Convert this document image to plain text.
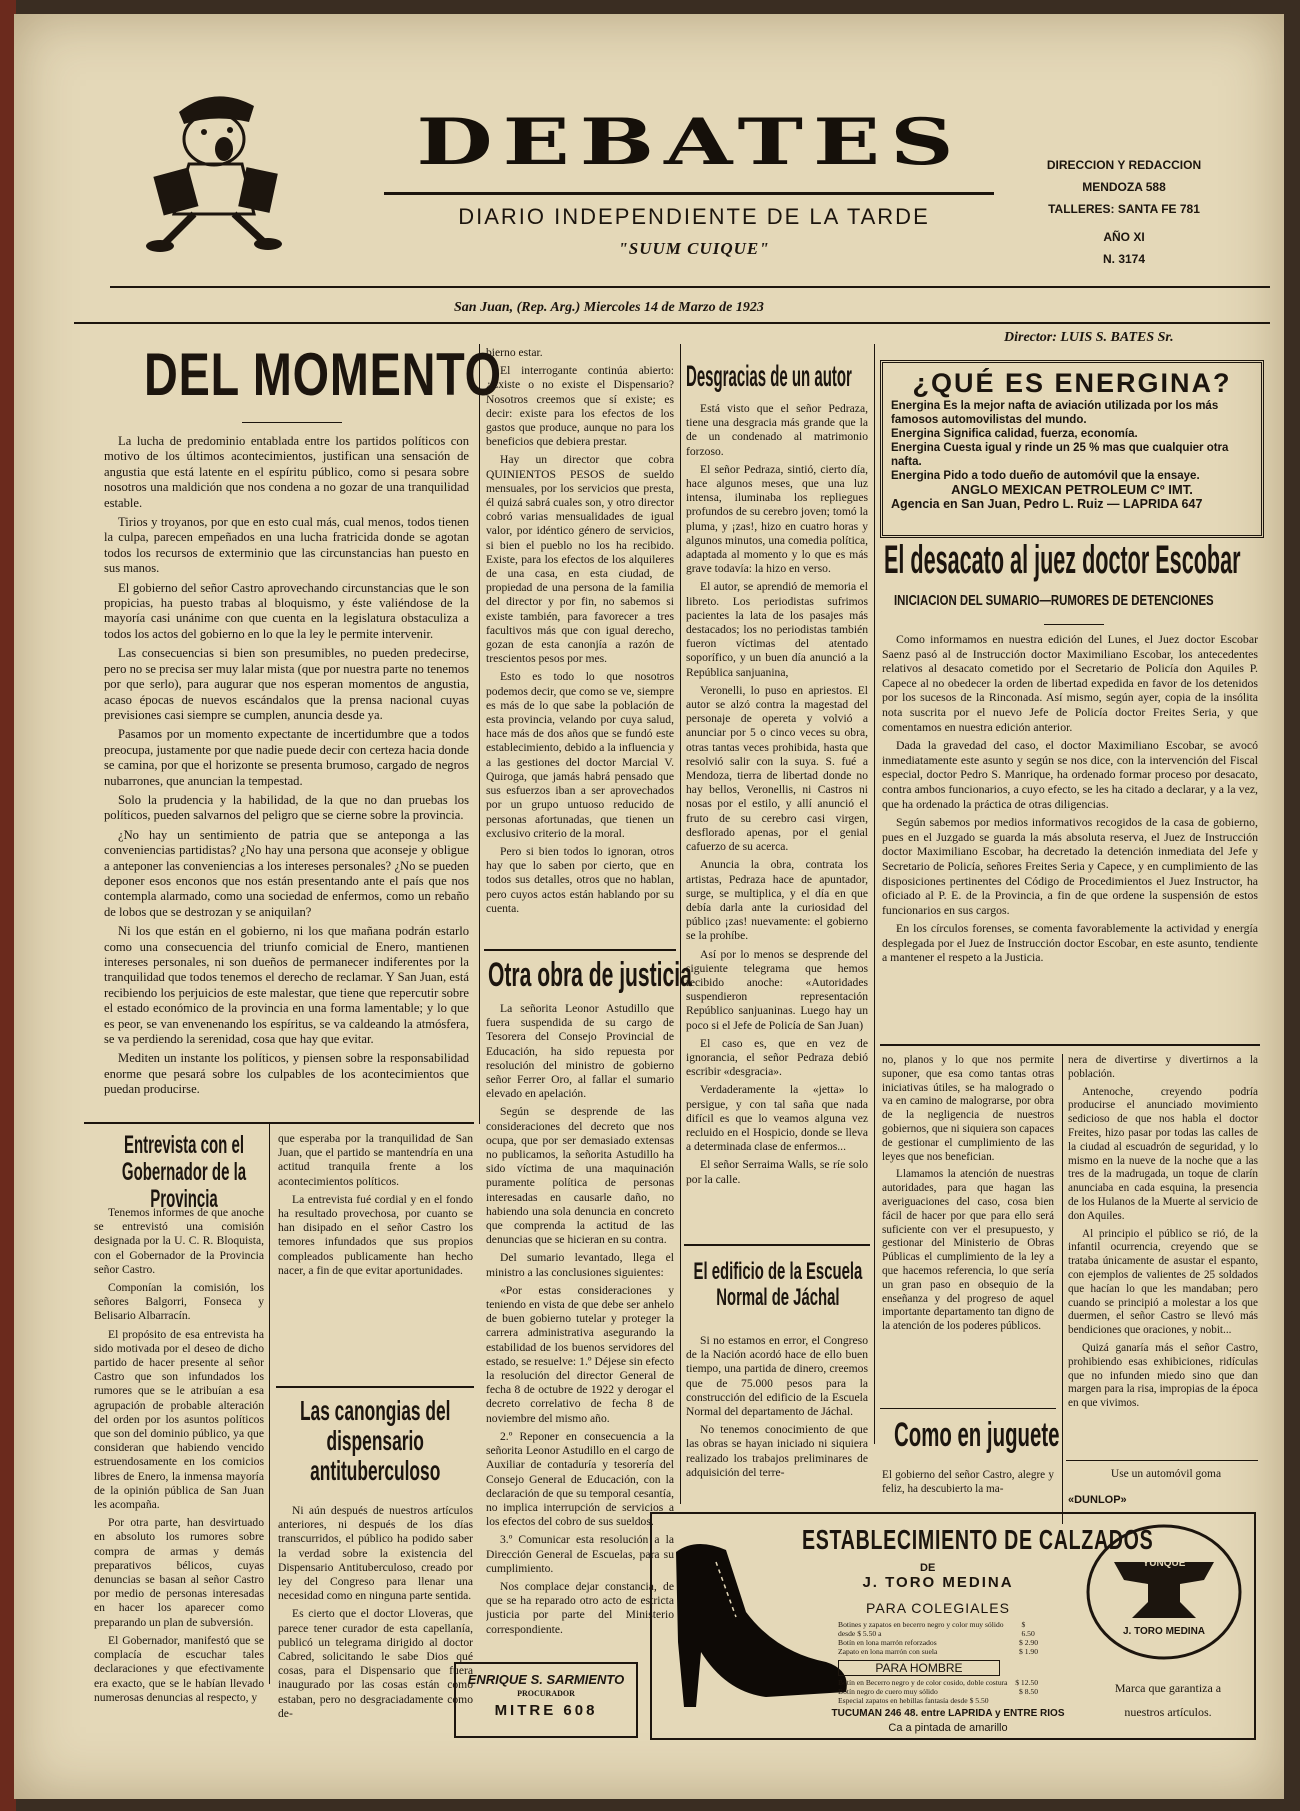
DEBATES
DIARIO INDEPENDIENTE DE LA TARDE
"SUUM CUIQUE"
DIRECCION Y REDACCION
MENDOZA 588
TALLERES: SANTA FE 781
AÑO XI
N. 3174
San Juan, (Rep. Arg.) Miercoles 14 de Marzo de 1923
Director: LUIS S. BATES Sr.
DEL MOMENTO

La lucha de predominio entablada entre los partidos políticos con motivo de los últimos acontecimientos, justifican una sensación de angustia que está latente en el espíritu público, como si pesara sobre nosotros una maldición que nos condena a no gozar de una tranquilidad estable.

Tirios y troyanos, por que en esto cual más, cual menos, todos tienen la culpa, parecen empeñados en una lucha fratricida donde se agotan todos los recursos de exterminio que las circunstancias han puesto en sus manos.

El gobierno del señor Castro aprovechando circunstancias que le son propicias, ha puesto trabas al bloquismo, y éste valiéndose de la mayoría casi unánime con que cuenta en la legislatura obstaculiza a todos los actos del gobierno en lo que la ley le permite intervenir.

Las consecuencias si bien son presumibles, no pueden predecirse, pero no se precisa ser muy lalar mista (que por nuestra parte no tenemos por que serlo), para augurar que nos esperan momentos de angustia, acaso épocas de nuevos escándalos que la prensa nacional cuyas previsiones casi siempre se cumplen, anuncia desde ya.

Pasamos por un momento expectante de incertidumbre que a todos preocupa, justamente por que nadie puede decir con certeza hacia donde se camina, por que el horizonte se presenta brumoso, cargado de negros nubarrones, que anuncian la tempestad.

Solo la prudencia y la habilidad, de la que no dan pruebas los políticos, pueden salvarnos del peligro que se cierne sobre la provincia.

¿No hay un sentimiento de patria que se anteponga a las conveniencias partidistas? ¿No hay una persona que aconseje y obligue a anteponer las conveniencias a los intereses personales? ¿No se pueden deponer esos enconos que nos están presentando ante el país que nos contempla alarmado, como una sociedad de enfermos, como un rebaño de lobos que se destrozan y se aniquilan?

Ni los que están en el gobierno, ni los que mañana podrán estarlo como una consecuencia del triunfo comicial de Enero, mantienen intereses personales, ni son dueños de permanecer indiferentes por la tranquilidad que todos tenemos el derecho de reclamar. Y San Juan, está recibiendo los perjuicios de este malestar, que tiene que repercutir sobre el estado económico de la provincia en una forma lamentable; y lo que es peor, se van envenenando los espíritus, se va caldeando la atmósfera, se va perdiendo la serenidad, cosa que hay que evitar.

Mediten un instante los políticos, y piensen sobre la responsabilidad enorme que pesará sobre los culpables de los acontecimientos que puedan producirse.

bierno estar.

El interrogante continúa abierto: ¿Existe o no existe el Dispensario? Nosotros creemos que sí existe; es decir: existe para los efectos de los gastos que produce, aunque no para los beneficios que debiera prestar.

Hay un director que cobra QUINIENTOS PESOS de sueldo mensuales, por los servicios que presta, él quizá sabrá cuales son, y otro director cobró varias mensualidades de igual valor, por idéntico género de servicios, si bien el pueblo no los ha recibido. Existe, para los efectos de los alquileres de una casa, en esta ciudad, de propiedad de una persona de la familia del director y por fin, no sabemos si existe también, para favorecer a tres facultivos más que con igual derecho, gozan de esta canonjía a razón de trescientos pesos por mes.

Esto es todo lo que nosotros podemos decir, que como se ve, siempre es más de lo que sabe la población de esta provincia, velando por cuya salud, hace más de dos años que se fundó este establecimiento, debido a la influencia y a las gestiones del doctor Marcial V. Quiroga, que jamás habrá pensado que sus esfuerzos iban a ser aprovechados por un grupo untuoso reducido de personas afortunadas, que tienen un exclusivo criterio de la moral.

Pero si bien todos lo ignoran, otros hay que lo saben por cierto, que en todos sus detalles, otros que no hablan, pero cuyos actos están hablando por su cuenta.

Otra obra de justicia

La señorita Leonor Astudillo que fuera suspendida de su cargo de Tesorera del Consejo Provincial de Educación, ha sido repuesta por resolución del ministro de gobierno señor Ferrer Oro, al fallar el sumario elevado en apelación.

Según se desprende de las consideraciones del decreto que nos ocupa, que por ser demasiado extensas no publicamos, la señorita Astudillo ha sido víctima de una maquinación puramente política de personas interesadas en causarle daño, no habiendo una sola denuncia en concreto que comprenda la actitud de las denuncias que se hicieran en su contra.

Del sumario levantado, llega el ministro a las conclusiones siguientes:

«Por estas consideraciones y teniendo en vista de que debe ser anhelo de buen gobierno tutelar y proteger la carrera administrativa asegurando la estabilidad de los buenos servidores del estado, se resuelve: 1.º Déjese sin efecto la resolución del director General de fecha 8 de octubre de 1922 y derogar el decreto correlativo de fecha 8 de noviembre del mismo año.

2.º Reponer en consecuencia a la señorita Leonor Astudillo en el cargo de Auxiliar de contaduría y tesorería del Consejo General de Educación, con la declaración de que su temporal cesantía, no implica interrupción de servicios a los efectos del cobro de sus sueldos.

3.º Comunicar esta resolución a la Dirección General de Escuelas, para su cumplimiento.

Nos complace dejar constancia, de que se ha reparado otro acto de estricta justicia por parte del Ministerio correspondiente.

Desgracias de un autor

Está visto que el señor Pedraza, tiene una desgracia más grande que la de un condenado al matrimonio forzoso.

El señor Pedraza, sintió, cierto día, hace algunos meses, que una luz intensa, iluminaba los repliegues profundos de su cerebro joven; tomó la pluma, y ¡zas!, hizo en cuatro horas y algunos minutos, una comedia política, adaptada al momento y lo que es más grave todavía: la hizo en verso.

El autor, se aprendió de memoria el libreto. Los periodistas sufrimos pacientes la lata de los pasajes más destacados; los no periodistas también fueron víctimas del atentado soporífico, y un buen día anunció a la República sanjuanina,

Veronelli, lo puso en apriestos. El autor se alzó contra la magestad del personaje de opereta y volvió a anunciar por 5 o cinco veces su obra, otras tantas veces prohibida, hasta que resolvió salir con la suya. S. fué a Mendoza, tierra de libertad donde no hay bellos, Veronellis, ni Castros ni nosas por el estilo, y allí anunció el fruto de su cerebro casi virgen, desflorado apenas, por el genial cafuerzo de su acerca.

Anuncia la obra, contrata los artistas, Pedraza hace de apuntador, surge, se multiplica, y el día en que debía darla ante la curiosidad del público ¡zas! nuevamente: el gobierno se la prohíbe.

Así por lo menos se desprende del siguiente telegrama que hemos recibido anoche: «Autoridades suspendieron representación Repúblico sanjuaninas. Luego hay un poco si el Jefe de Policía de San Juan)

El caso es, que en vez de ignorancia, el señor Pedraza debió escribir «desgracia».

Verdaderamente la «jetta» lo persigue, y con tal saña que nada difícil es que lo veamos alguna vez recluido en el Hospicio, donde se lleva a determinada clase de enfermos...

El señor Serraima Walls, se ríe solo por la calle.

El edificio de la Escuela Normal de Jáchal

Si no estamos en error, el Congreso de la Nación acordó hace de ello buen tiempo, una partida de dinero, creemos que de 75.000 pesos para la construcción del edificio de la Escuela Normal del departamento de Jáchal.

No tenemos conocimiento de que las obras se hayan iniciado ni siquiera realizado los trabajos preliminares de adquisición del terre-

¿QUÉ ES ENERGINA?
Energina Es la mejor nafta de aviación utilizada por los más famosos automovilistas del mundo.
Energina Significa calidad, fuerza, economía.
Energina Cuesta igual y rinde un 25 % mas que cualquier otra nafta.
Energina Pido a todo dueño de automóvil que la ensaye.
ANGLO MEXICAN PETROLEUM Cº IMT.
Agencia en San Juan, Pedro L. Ruiz — LAPRIDA 647
El desacato al juez doctor Escobar
INICIACION DEL SUMARIO—RUMORES DE DETENCIONES

Como informamos en nuestra edición del Lunes, el Juez doctor Escobar Saenz pasó al de Instrucción doctor Maximiliano Escobar, los antecedentes relativos al desacato cometido por el Secretario de Policía don Aquiles P. Capece al no obedecer la orden de libertad expedida en favor de los detenidos por los sucesos de la Rinconada. Así mismo, según ayer, copia de la insólita nota suscrita por el nuevo Jefe de Policía doctor Freites Seria, y que comentamos en nuestra edición anterior.

Dada la gravedad del caso, el doctor Maximiliano Escobar, se avocó inmediatamente este asunto y según se nos dice, con la intervención del Fiscal especial, doctor Pedro S. Manrique, ha ordenado formar proceso por desacato, contra ambos funcionarios, a cuyo efecto, se les ha citado a declarar, y a la vez, que ha ordenado la práctica de otras diligencias.

Según sabemos por medios informativos recogidos de la casa de gobierno, pues en el Juzgado se guarda la más absoluta reserva, el Juez de Instrucción doctor Maximiliano Escobar, ha decretado la detención inmediata del Jefe y Secretario de Policía, señores Freites Seria y Capece, y en cumplimiento de las disposiciones pertinentes del Código de Procedimientos el Juez Instructor, ha oficiado al P. E. de la Provincia, a fin de que ordene la suspensión de estos funcionarios en sus cargos.

En los círculos forenses, se comenta favorablemente la actividad y energía desplegada por el Juez de Instrucción doctor Escobar, en este asunto, tendiente a mantener el respeto a la Justicia.

no, planos y lo que nos permite suponer, que esa como tantas otras iniciativas útiles, se ha malogrado o va en camino de malograrse, por obra de la negligencia de nuestros gobiernos, que ni siquiera son capaces de gestionar el cumplimiento de las leyes que nos benefician.

Llamamos la atención de nuestras autoridades, para que hagan las averiguaciones del caso, cosa bien fácil de hacer por que para ello será suficiente con ver el presupuesto, y gestionar del Ministerio de Obras Públicas el cumplimiento de la ley a que hacemos referencia, lo que sería un gran paso en obsequio de la enseñanza y del progreso de aquel importante departamento tan digno de la atención de los poderes públicos.

Como en juguete
El gobierno del señor Castro, alegre y feliz, ha descubierto la ma-

nera de divertirse y divertirnos a la población.

Antenoche, creyendo podría producirse el anunciado movimiento sedicioso de que nos habla el doctor Freites, hizo pasar por todas las calles de la ciudad al escuadrón de seguridad, y lo mismo en la nueve de la noche que a las tres de la madrugada, un toque de clarín anunciaba en cada esquina, la presencia de los Hulanos de la Muerte al servicio de don Aquiles.

Al principio el público se rió, de la infantil ocurrencia, creyendo que se trataba únicamente de asustar el espanto, con ejemplos de valientes de 25 soldados que hacían lo que les mandaban; pero cuando se principió a molestar a los que duermen, el señor Castro se llevó más bendiciones que oraciones, y nobit...

Quizá ganaría más el señor Castro, prohibiendo esas exhibiciones, ridículas que no infunden miedo sino que dan margen para la risa, impropias de la época en que vivimos.

Use un automóvil goma
«DUNLOP»
Entrevista con el Gobernador de la Provincia

Tenemos informes de que anoche se entrevistó una comisión designada por la U. C. R. Bloquista, con el Gobernador de la Provincia señor Castro.

Componían la comisión, los señores Balgorri, Fonseca y Belisario Albarracín.

El propósito de esa entrevista ha sido motivada por el deseo de dicho partido de hacer presente al señor Castro que son infundados los rumores que se le atribuían a esa agrupación de probable alteración del orden por los asuntos políticos que son del dominio público, ya que consideran que habiendo vencido estruendosamente en los comicios libres de Enero, la inmensa mayoría de la opinión pública de San Juan les acompaña.

Por otra parte, han desvirtuado en absoluto los rumores sobre compra de armas y demás preparativos bélicos, cuyas denuncias se basan al señor Castro por medio de personas interesadas en hacer los aparecer como preparando un plan de subversión.

El Gobernador, manifestó que se complacía de escuchar tales declaraciones y que efectivamente era exacto, que se le habían llevado numerosas denuncias al respecto, y

que esperaba por la tranquilidad de San Juan, que el partido se mantendría en una actitud tranquila frente a los acontecimientos políticos.

La entrevista fué cordial y en el fondo ha resultado provechosa, por cuanto se han disipado en el señor Castro los temores infundados que sus propios compleados publicamente han hecho nacer, a fin de que evitar aportunidades.

Las canongias del dispensario antituberculoso

Ni aún después de nuestros artículos anteriores, ni después de los días transcurridos, el público ha podido saber la verdad sobre la existencia del Dispensario Antituberculoso, creado por ley del Congreso para llenar una necesidad como en ninguna parte sentida.

Es cierto que el doctor Lloveras, que parece tener curador de esta capellanía, publicó un telegrama dirigido al doctor Cabred, solicitando le sabe Dios qué cosas, para el Dispensario que fuera inaugurado por las cosas están como estaban, pero no desgraciadamente como de-

ENRIQUE S. SARMIENTO
PROCURADOR
MITRE 608
ESTABLECIMIENTO DE CALZADOS
DE
J. TORO MEDINA
PARA COLEGIALES
Botines y zapatos en becerro negro y color muy sólido desde $ 5.50 a
$ 6.50
Botín en lona marrón reforzados	$ 2.90
Zapato en lona marrón con suela	$ 1.90
PARA HOMBRE
Botín en Becerro negro y de color cosido, doble costura $ 12.50
Botín negro de cuero muy sólido	$ 8.50
Especial zapatos en hebillas fantasía desde $ 5.50
TUCUMAN 246 48. entre LAPRIDA y ENTRE RIOS
Ca a pintada de amarillo
YUNQUE
J. TORO MEDINA
Marca que garantiza a nuestros artículos.
